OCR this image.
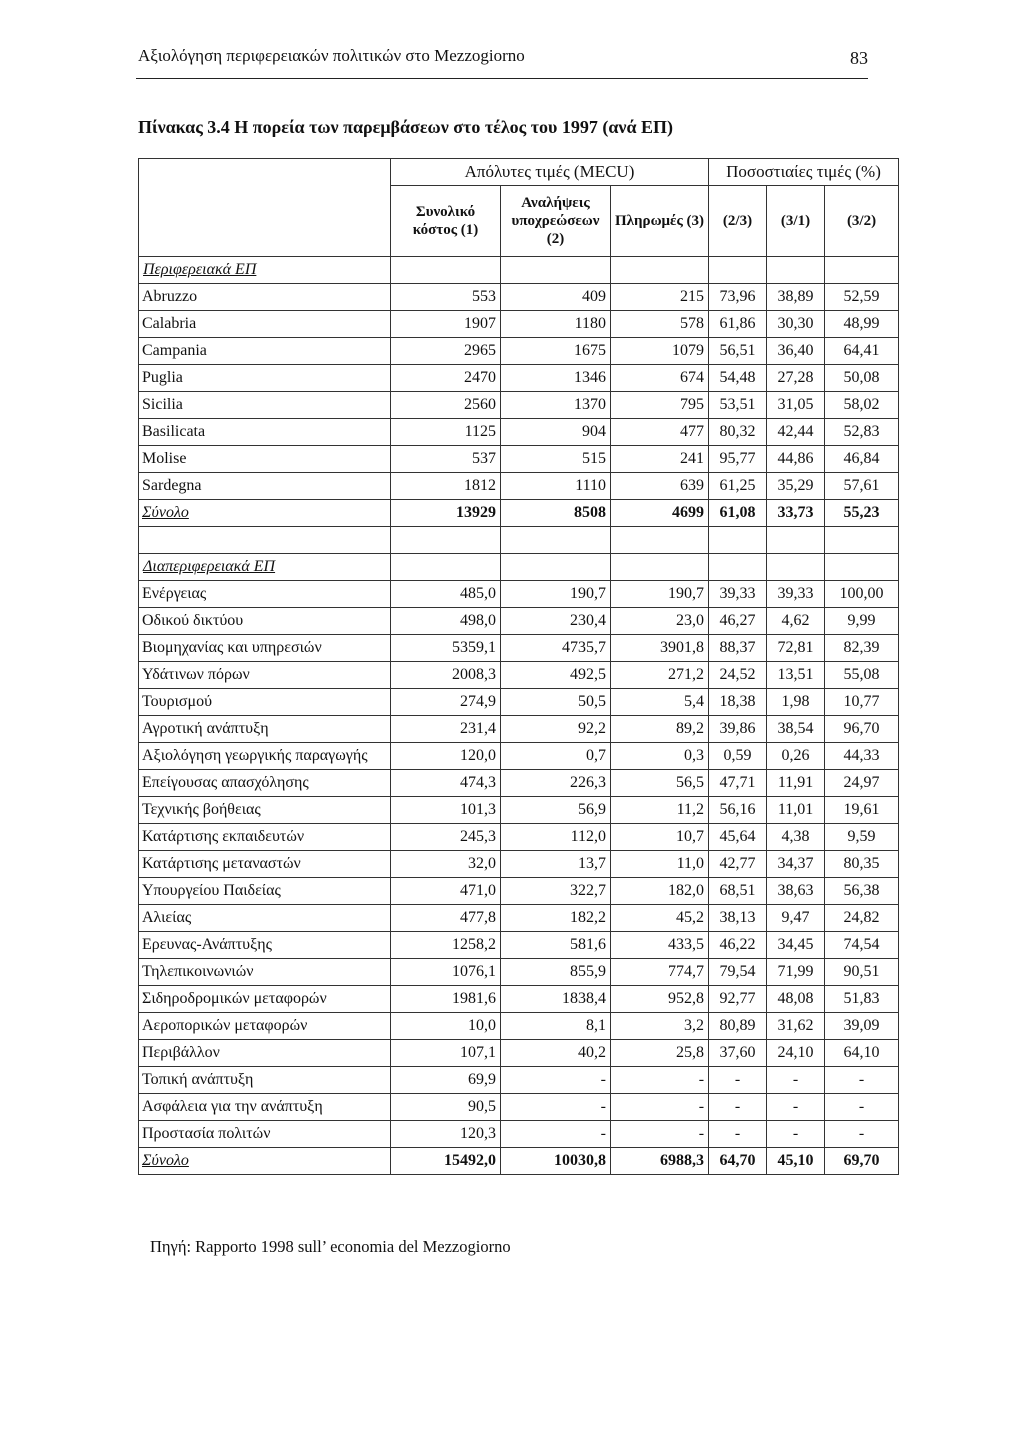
Αξιολόγηση περιφερειακών πολιτικών στο Mezzogiorno	83
Πίνακας 3.4 Η πορεία των παρεμβάσεων στο τέλος του 1997 (ανά ΕΠ)
	Απόλυτες τιμές (MECU)			Ποσοστιαίες τιμές (%)		
	Συνολικό κόστος (1)	Αναλήψεις υποχρεώσεων (2)	Πληρωμές (3)	(2/3)	(3/1)	(3/2)
Περιφερειακά ΕΠ						
Abruzzo	553	409	215	73,96	38,89	52,59
Calabria	1907	1180	578	61,86	30,30	48,99
Campania	2965	1675	1079	56,51	36,40	64,41
Puglia	2470	1346	674	54,48	27,28	50,08
Sicilia	2560	1370	795	53,51	31,05	58,02
Basilicata	1125	904	477	80,32	42,44	52,83
Molise	537	515	241	95,77	44,86	46,84
Sardegna	1812	1110	639	61,25	35,29	57,61
Σύνολο	13929	8508	4699	61,08	33,73	55,23

Διαπεριφερειακά ΕΠ						
Ενέργειας	485,0	190,7	190,7	39,33	39,33	100,00
Οδικού δικτύου	498,0	230,4	23,0	46,27	4,62	9,99
Βιομηχανίας και υπηρεσιών	5359,1	4735,7	3901,8	88,37	72,81	82,39
Υδάτινων πόρων	2008,3	492,5	271,2	24,52	13,51	55,08
Τουρισμού	274,9	50,5	5,4	18,38	1,98	10,77
Αγροτική ανάπτυξη	231,4	92,2	89,2	39,86	38,54	96,70
Αξιολόγηση γεωργικής παραγωγής	120,0	0,7	0,3	0,59	0,26	44,33
Επείγουσας απασχόλησης	474,3	226,3	56,5	47,71	11,91	24,97
Τεχνικής βοήθειας	101,3	56,9	11,2	56,16	11,01	19,61
Κατάρτισης εκπαιδευτών	245,3	112,0	10,7	45,64	4,38	9,59
Κατάρτισης μεταναστών	32,0	13,7	11,0	42,77	34,37	80,35
Υπουργείου Παιδείας	471,0	322,7	182,0	68,51	38,63	56,38
Αλιείας	477,8	182,2	45,2	38,13	9,47	24,82
Ερευνας-Ανάπτυξης	1258,2	581,6	433,5	46,22	34,45	74,54
Τηλεπικοινωνιών	1076,1	855,9	774,7	79,54	71,99	90,51
Σιδηροδρομικών μεταφορών	1981,6	1838,4	952,8	92,77	48,08	51,83
Αεροπορικών μεταφορών	10,0	8,1	3,2	80,89	31,62	39,09
Περιβάλλον	107,1	40,2	25,8	37,60	24,10	64,10
Τοπική ανάπτυξη	69,9	-	-	-	-	-
Ασφάλεια για την ανάπτυξη	90,5	-	-	-	-	-
Προστασία πολιτών	120,3	-	-	-	-	-
Σύνολο	15492,0	10030,8	6988,3	64,70	45,10	69,70
Πηγή: Rapporto 1998 sull’ economia del Mezzogiorno
